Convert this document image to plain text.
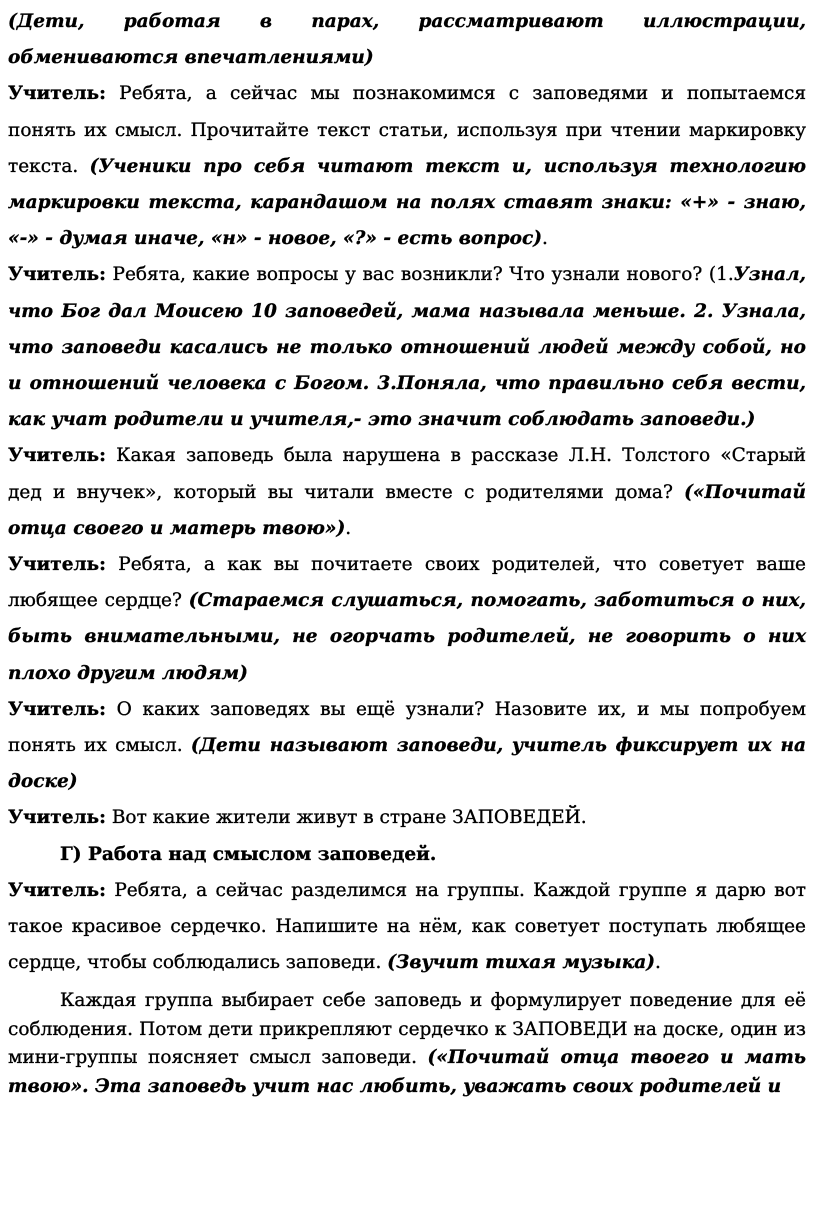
(Дети, работая в парах, рассматривают иллюстрации, обмениваются впечатлениями)

Учитель: Ребята, а сейчас мы познакомимся с заповедями и попытаемся понять их смысл. Прочитайте текст статьи, используя при чтении маркировку текста. (Ученики про себя читают текст и, используя технологию маркировки текста, карандашом на полях ставят знаки: «+» - знаю, «-» - думая иначе, «н» - новое, «?» - есть вопрос).

Учитель: Ребята, какие вопросы у вас возникли? Что узнали нового? (1.Узнал, что Бог дал Моисею 10 заповедей, мама называла меньше. 2. Узнала, что заповеди касались не только отношений людей между собой, но и отношений человека с Богом. 3.Поняла, что правильно себя вести, как учат родители и учителя,- это значит соблюдать заповеди.)

Учитель: Какая заповедь была нарушена в рассказе Л.Н. Толстого «Старый дед и внучек», который вы читали вместе с родителями дома? («Почитай отца своего и матерь твою»).

Учитель: Ребята, а как вы почитаете своих родителей, что советует ваше любящее сердце? (Стараемся слушаться, помогать, заботиться о них, быть внимательными, не огорчать родителей, не говорить о них плохо другим людям)

Учитель: О каких заповедях вы ещё узнали? Назовите их, и мы попробуем понять их смысл. (Дети называют заповеди, учитель фиксирует их на доске)

Учитель: Вот какие жители живут в стране ЗАПОВЕДЕЙ.

Г) Работа над смыслом заповедей.

Учитель: Ребята, а сейчас разделимся на группы. Каждой группе я дарю вот такое красивое сердечко. Напишите на нём, как советует поступать любящее сердце, чтобы соблюдались заповеди. (Звучит тихая музыка).

Каждая группа выбирает себе заповедь и формулирует поведение для её соблюдения. Потом дети прикрепляют сердечко к ЗАПОВЕДИ на доске, один из мини-группы поясняет смысл заповеди. («Почитай отца твоего и мать твою». Эта заповедь учит нас любить, уважать своих родителей и
